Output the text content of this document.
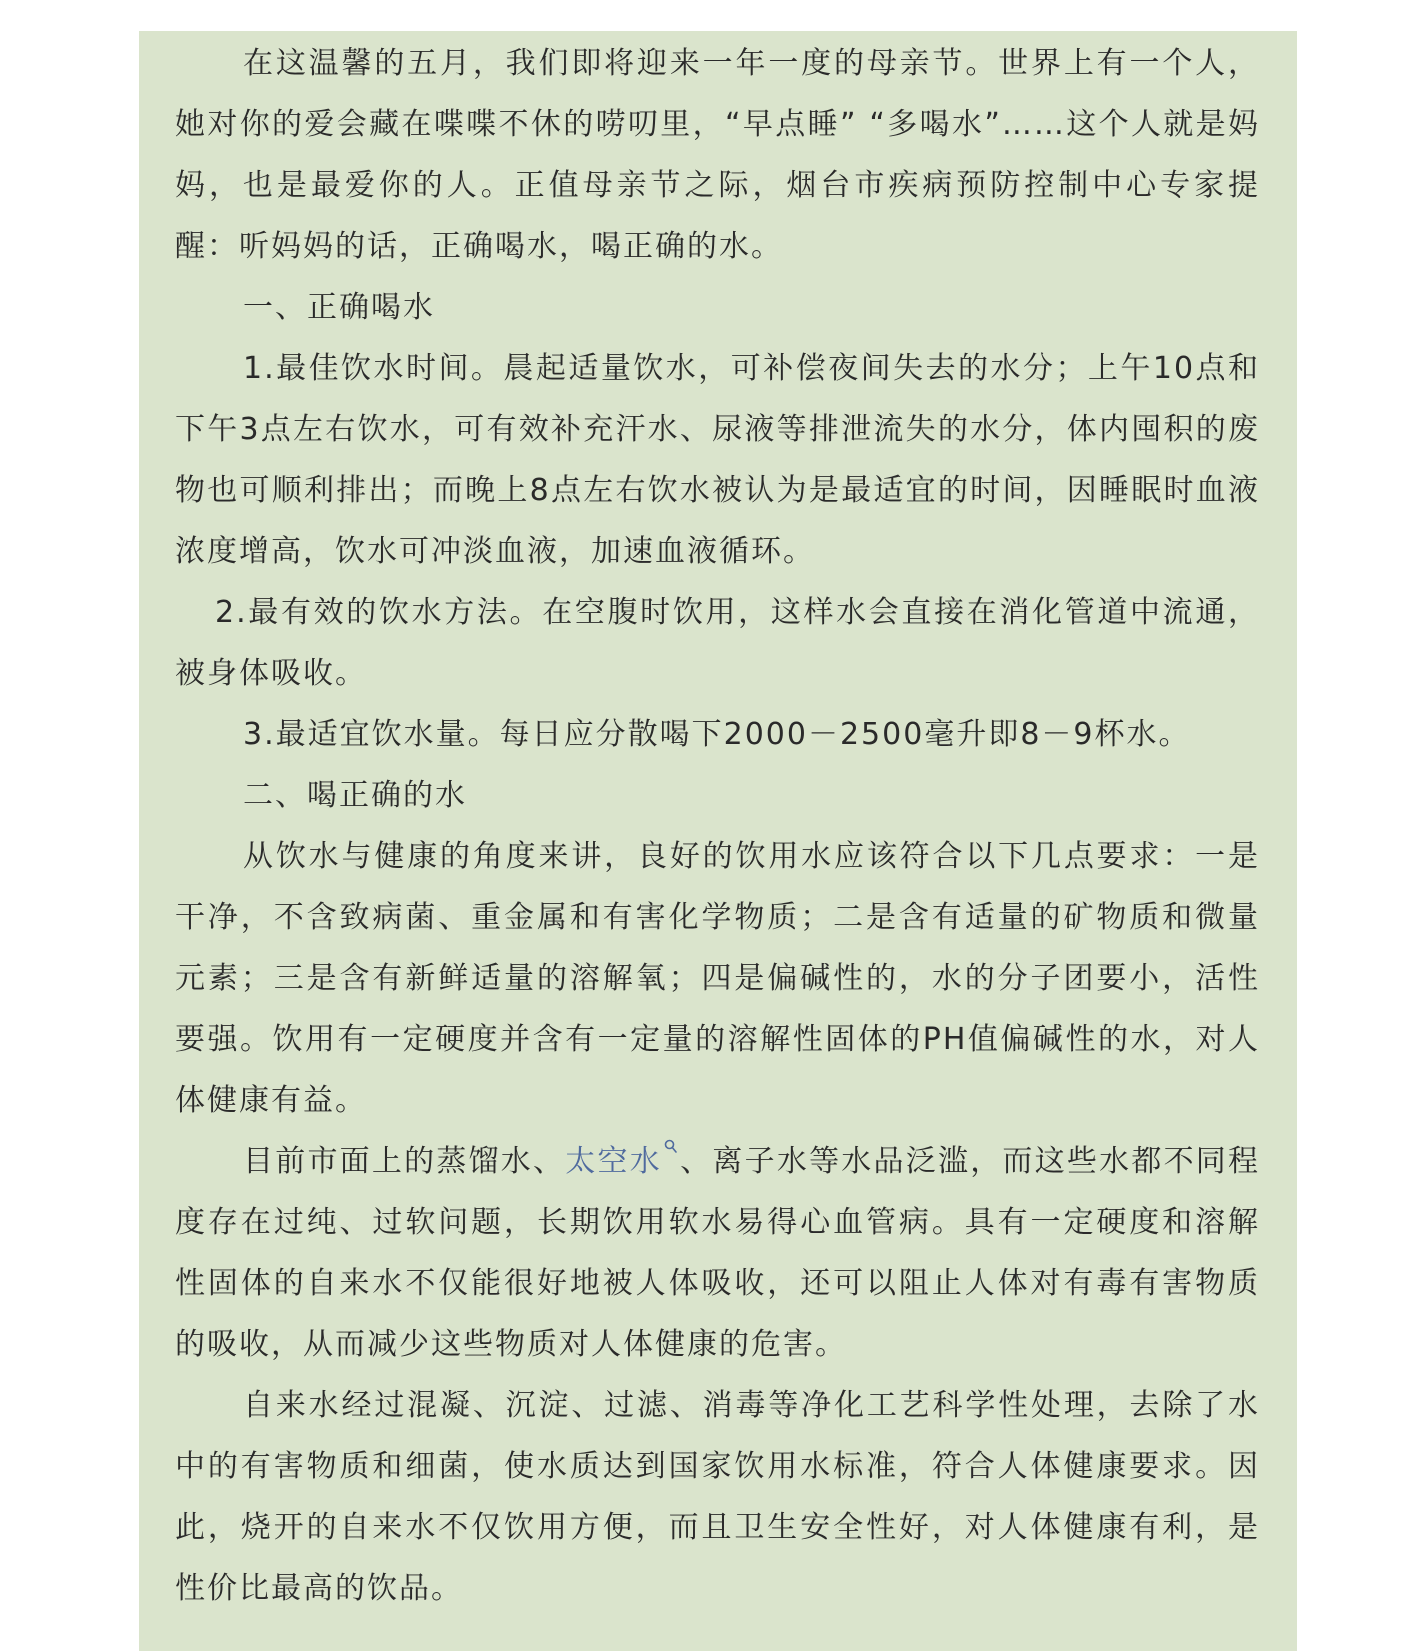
在这温馨的五月，我们即将迎来一年一度的母亲节。世界上有一个人，她对你的爱会藏在喋喋不休的唠叨里，“早点睡” “多喝水”……这个人就是妈妈，也是最爱你的人。正值母亲节之际，烟台市疾病预防控制中心专家提醒：听妈妈的话，正确喝水，喝正确的水。

一、正确喝水

1.最佳饮水时间。晨起适量饮水，可补偿夜间失去的水分；上午10点和下午3点左右饮水，可有效补充汗水、尿液等排泄流失的水分，体内囤积的废物也可顺利排出；而晚上8点左右饮水被认为是最适宜的时间，因睡眠时血液浓度增高，饮水可冲淡血液，加速血液循环。

2.最有效的饮水方法。在空腹时饮用，这样水会直接在消化管道中流通，被身体吸收。

3.最适宜饮水量。每日应分散喝下2000－2500毫升即8－9杯水。

二、喝正确的水

从饮水与健康的角度来讲，良好的饮用水应该符合以下几点要求：一是干净，不含致病菌、重金属和有害化学物质；二是含有适量的矿物质和微量元素；三是含有新鲜适量的溶解氧；四是偏碱性的，水的分子团要小，活性要强。饮用有一定硬度并含有一定量的溶解性固体的PH值偏碱性的水，对人体健康有益。

目前市面上的蒸馏水、太空水 、离子水等水品泛滥，而这些水都不同程度存在过纯、过软问题，长期饮用软水易得心血管病。具有一定硬度和溶解性固体的自来水不仅能很好地被人体吸收，还可以阻止人体对有毒有害物质的吸收，从而减少这些物质对人体健康的危害。

自来水经过混凝、沉淀、过滤、消毒等净化工艺科学性处理，去除了水中的有害物质和细菌，使水质达到国家饮用水标准，符合人体健康要求。因此，烧开的自来水不仅饮用方便，而且卫生安全性好，对人体健康有利，是性价比最高的饮品。
